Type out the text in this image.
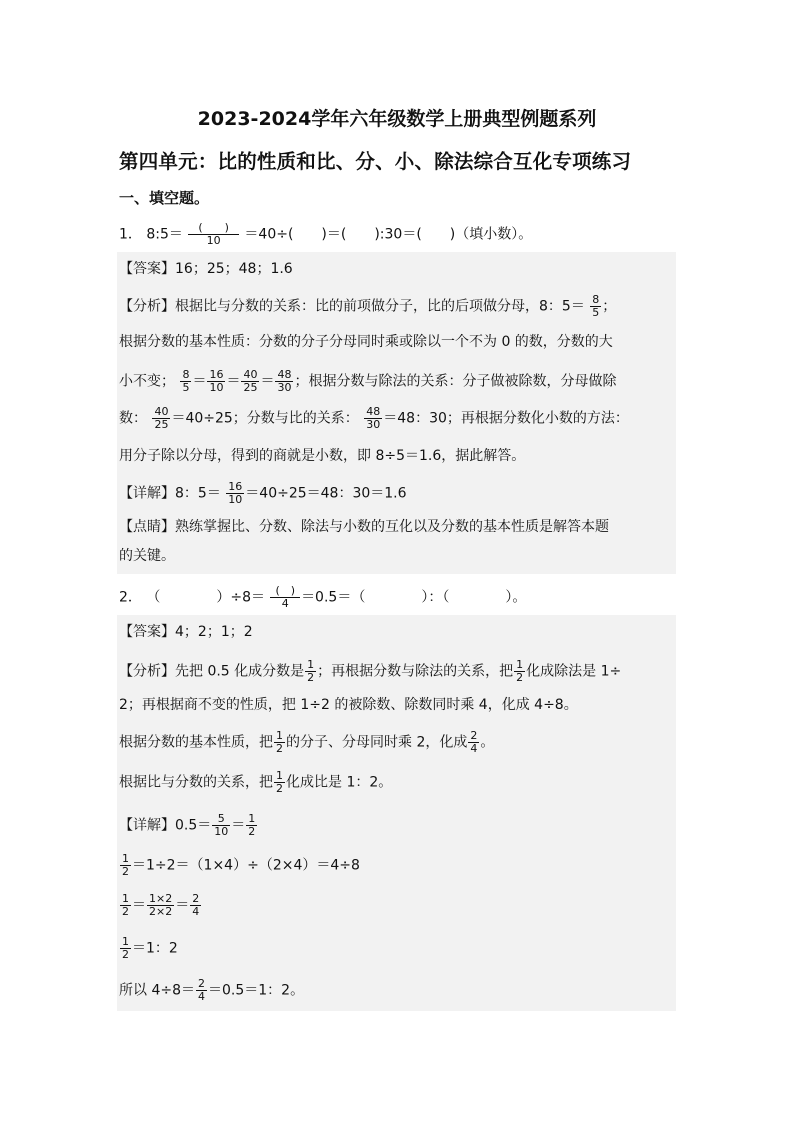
2023-2024学年六年级数学上册典型例题系列
第四单元：比的性质和比、分、小、除法综合互化专项练习
一、填空题。
1． 8:5＝ $\frac{( )}{10} =40\div$(　　)＝(　　):30＝(　　)（填小数）。
【答案】16；25；48；1.6
【分析】根据比与分数的关系：比的前项做分子，比的后项做分母，8：$5= \frac{8}{5}$ ；
根据分数的基本性质：分数的分子分母同时乘或除以一个不为 0 的数，分数的大
小不变； $\frac{8}{5} = \frac{16}{10} = \frac{40}{25} = \frac{48}{30}$ ；根据分数与除法的关系：分子做被除数，分母做除
数： $\frac{40}{25} =40\div 25$；分数与比的关系： $\frac{48}{30} =48$：30；再根据分数化小数的方法：
用分子除以分母，得到的商就是小数，即 8÷5＝1.6，据此解答。
【详解】8：$5= \frac{16}{10} =40\div 25=48$：30＝1.6
【点睛】熟练掌握比、分数、除法与小数的互化以及分数的基本性质是解答本题
的关键。
2． （　　　　）$\div 8= \frac{( )}{4} =0.5=$（　　　　）：（　　　　）。
【答案】4；2；1；2
【分析】先把 0.5 化成分数是 $\frac{1}{2}$ ；再根据分数与除法的关系，把 $\frac{1}{2}$ 化成除法是 1÷
2；再根据商不变的性质，把 1÷2 的被除数、除数同时乘 4，化成 4÷8。
根据分数的基本性质，把 $\frac{1}{2}$ 的分子、分母同时乘 2，化成 $\frac{2}{4}$ 。
根据比与分数的关系，把 $\frac{1}{2}$ 化成比是 1：2。
【详解】$0.5= \frac{5}{10} = \frac{1}{2}$
$\frac{1}{2} =1\div 2=(1\times 4)\div(2\times 4)=4\div 8$
$\frac{1}{2} = \frac{1\times 2}{2\times 2} = \frac{2}{4}$
$\frac{1}{2} =1$：2
所以 $4\div 8= \frac{2}{4} =0.5=1$：2。
